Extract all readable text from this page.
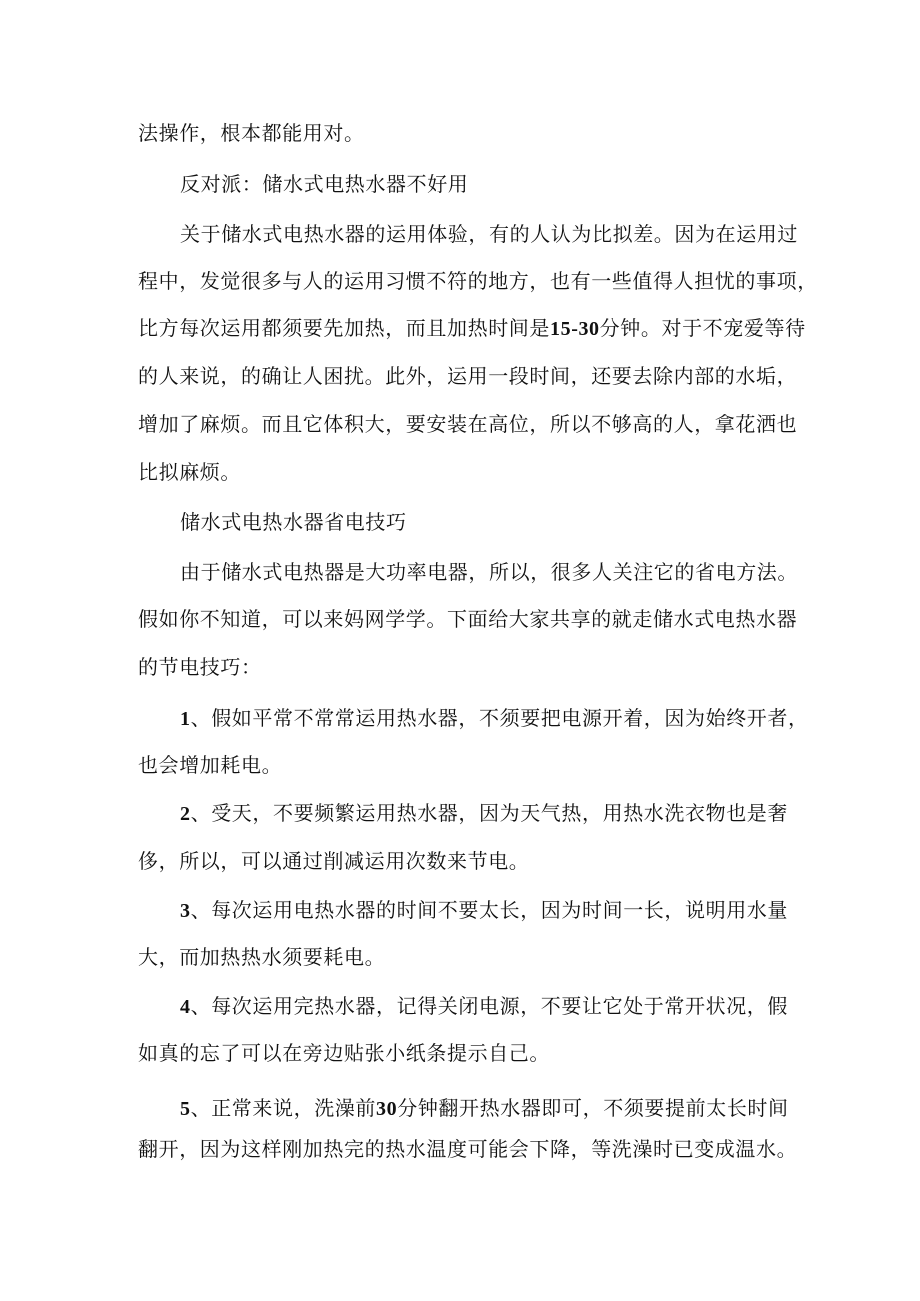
法操作，根本都能用对。
反对派：储水式电热水器不好用
关于储水式电热水器的运用体验，有的人认为比拟差。因为在运用过
程中，发觉很多与人的运用习惯不符的地方，也有一些值得人担忧的事项，
比方每次运用都须要先加热，而且加热时间是15-30分钟。对于不宠爱等待
的人来说，的确让人困扰。此外，运用一段时间，还要去除内部的水垢，
增加了麻烦。而且它体积大，要安装在高位，所以不够高的人，拿花洒也
比拟麻烦。
储水式电热水器省电技巧
由于储水式电热器是大功率电器，所以，很多人关注它的省电方法。
假如你不知道，可以来妈网学学。下面给大家共享的就走储水式电热水器
的节电技巧：
1、假如平常不常常运用热水器，不须要把电源开着，因为始终开者，
也会增加耗电。
2、受天，不要频繁运用热水器，因为天气热，用热水洗衣物也是奢
侈，所以，可以通过削减运用次数来节电。
3、每次运用电热水器的时间不要太长，因为时间一长，说明用水量
大，而加热热水须要耗电。
4、每次运用完热水器，记得关闭电源，不要让它处于常开状况，假
如真的忘了可以在旁边贴张小纸条提示自己。
5、正常来说，洗澡前30分钟翻开热水器即可，不须要提前太长时间
翻开，因为这样刚加热完的热水温度可能会下降，等洗澡时已变成温水。
